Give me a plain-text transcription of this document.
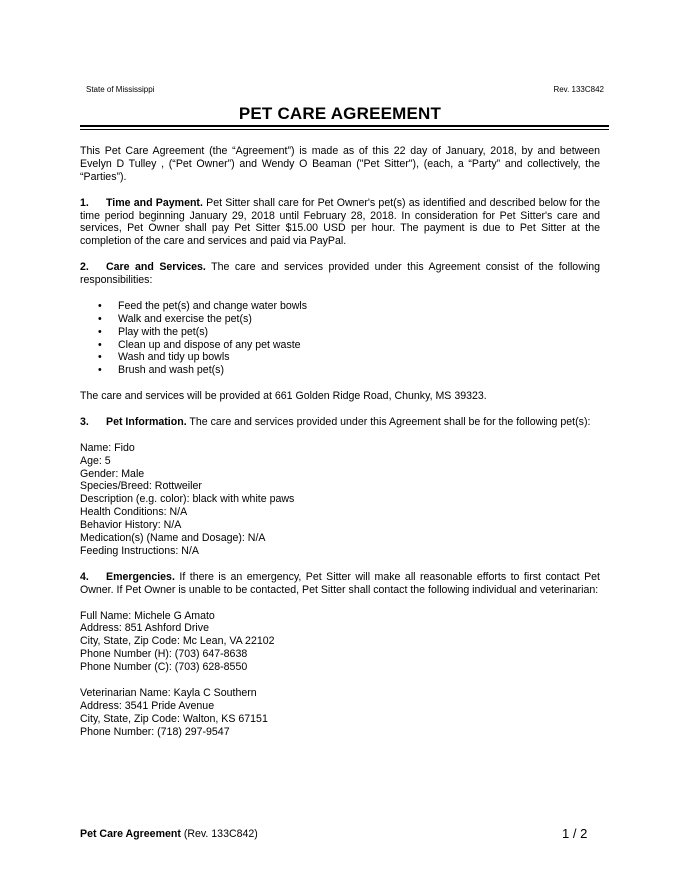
State of Mississippi	Rev. 133C842
PET CARE AGREEMENT

This Pet Care Agreement (the “Agreement”) is made as of this 22 day of January, 2018, by and between Evelyn D Tulley , (“Pet Owner”) and Wendy O Beaman ("Pet Sitter"), (each, a “Party” and collectively, the “Parties”).

1. Time and Payment. Pet Sitter shall care for Pet Owner's pet(s) as identified and described below for the time period beginning January 29, 2018 until February 28, 2018. In consideration for Pet Sitter's care and services, Pet Owner shall pay Pet Sitter $15.00 USD per hour. The payment is due to Pet Sitter at the completion of the care and services and paid via PayPal.

2. Care and Services. The care and services provided under this Agreement consist of the following responsibilities:

• Feed the pet(s) and change water bowls
• Walk and exercise the pet(s)
• Play with the pet(s)
• Clean up and dispose of any pet waste
• Wash and tidy up bowls
• Brush and wash pet(s)

The care and services will be provided at 661 Golden Ridge Road, Chunky, MS 39323.

3. Pet Information. The care and services provided under this Agreement shall be for the following pet(s):

Name: Fido
Age: 5
Gender: Male
Species/Breed: Rottweiler
Description (e.g. color): black with white paws
Health Conditions: N/A
Behavior History: N/A
Medication(s) (Name and Dosage): N/A
Feeding Instructions: N/A

4. Emergencies. If there is an emergency, Pet Sitter will make all reasonable efforts to first contact Pet Owner. If Pet Owner is unable to be contacted, Pet Sitter shall contact the following individual and veterinarian:

Full Name: Michele G Amato
Address: 851 Ashford Drive
City, State, Zip Code: Mc Lean, VA 22102
Phone Number (H): (703) 647-8638
Phone Number (C): (703) 628-8550
Veterinarian Name: Kayla C Southern
Address: 3541 Pride Avenue
City, State, Zip Code: Walton, KS 67151
Phone Number: (718) 297-9547
Pet Care Agreement (Rev. 133C842)	1 / 2
